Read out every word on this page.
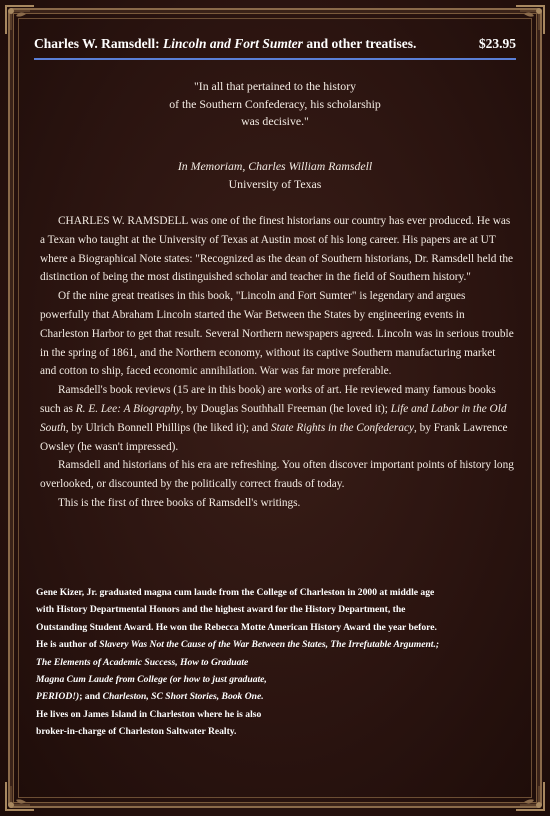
Charles W. Ramsdell: Lincoln and Fort Sumter and other treatises.	$23.95
"In all that pertained to the history
of the Southern Confederacy, his scholarship
was decisive."
In Memoriam, Charles William Ramsdell
University of Texas

CHARLES W. RAMSDELL was one of the finest historians our country has ever produced. He was a Texan who taught at the University of Texas at Austin most of his long career. His papers are at UT where a Biographical Note states: "Recognized as the dean of Southern historians, Dr. Ramsdell held the distinction of being the most distinguished scholar and teacher in the field of Southern history."

Of the nine great treatises in this book, "Lincoln and Fort Sumter" is legendary and argues powerfully that Abraham Lincoln started the War Between the States by engineering events in Charleston Harbor to get that result. Several Northern newspapers agreed. Lincoln was in serious trouble in the spring of 1861, and the Northern economy, without its captive Southern manufacturing market and cotton to ship, faced economic annihilation. War was far more preferable.

Ramsdell's book reviews (15 are in this book) are works of art. He reviewed many famous books such as R. E. Lee: A Biography, by Douglas Southhall Freeman (he loved it); Life and Labor in the Old South, by Ulrich Bonnell Phillips (he liked it); and State Rights in the Confederacy, by Frank Lawrence Owsley (he wasn't impressed).

Ramsdell and historians of his era are refreshing. You often discover important points of history long overlooked, or discounted by the politically correct frauds of today.

This is the first of three books of Ramsdell's writings.

Gene Kizer, Jr. graduated magna cum laude from the College of Charleston in 2000 at middle age

with History Departmental Honors and the highest award for the History Department, the

Outstanding Student Award. He won the Rebecca Motte American History Award the year before.

He is author of Slavery Was Not the Cause of the War Between the States, The Irrefutable Argument.;

The Elements of Academic Success, How to Graduate

Magna Cum Laude from College (or how to just graduate,

PERIOD!); and Charleston, SC Short Stories, Book One.

He lives on James Island in Charleston where he is also

broker-in-charge of Charleston Saltwater Realty.
